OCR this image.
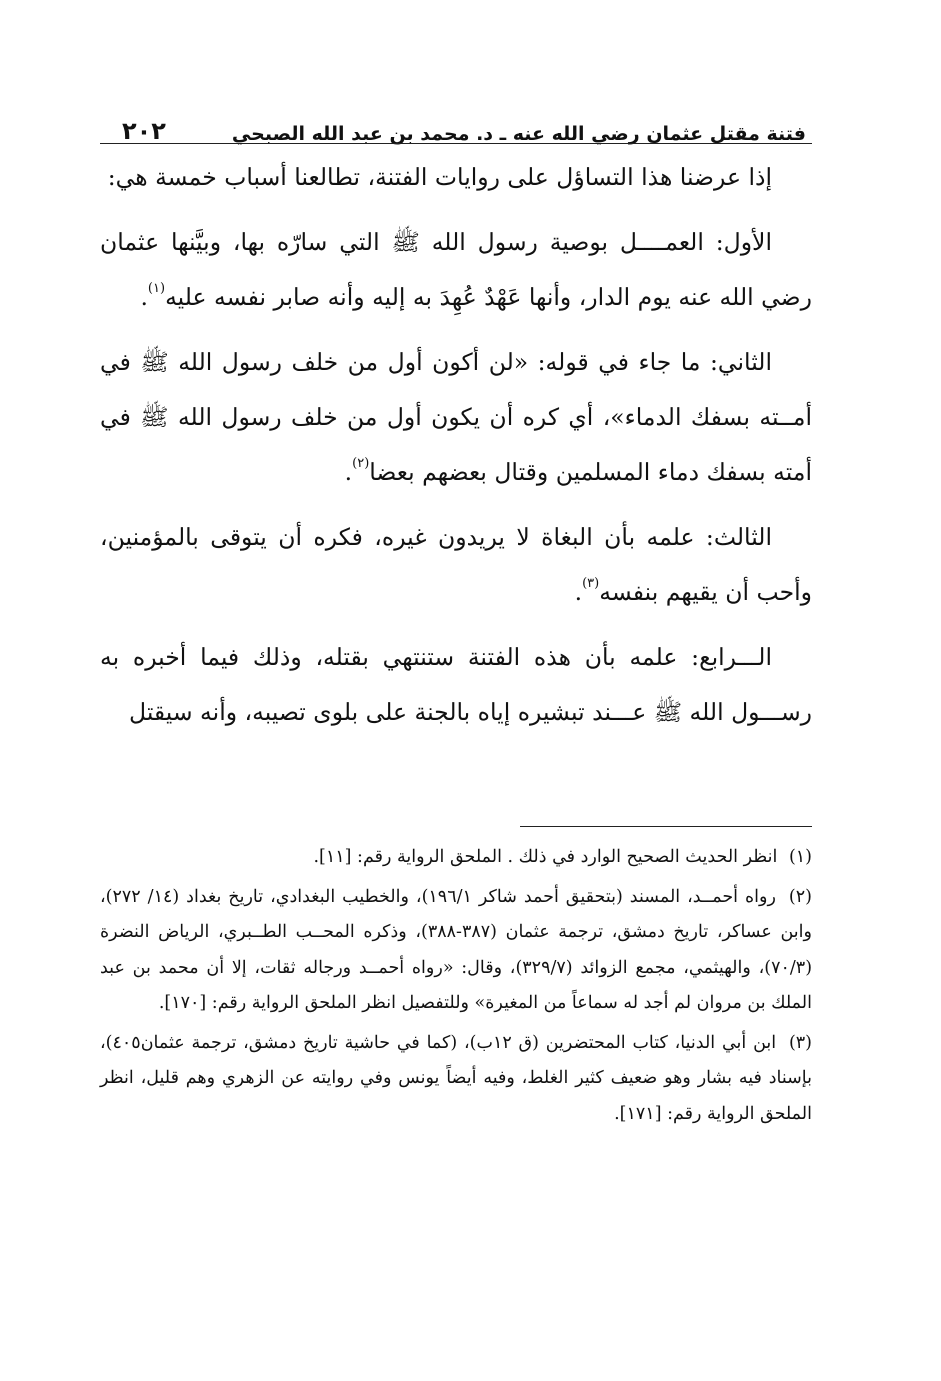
فتنة مقتل عثمان رضي الله عنه ـ د. محمد بن عبد الله الصبحي
٢٠٢

إذا عرضنا هذا التساؤل على روايات الفتنة، تطالعنا أسباب خمسة هي:

الأول: العمــــل بوصية رسول الله ﷺ التي سارّه بها، وبيَّنها عثمان رضي الله عنه يوم الدار، وأنها عَهْدٌ عُهِدَ به إليه وأنه صابر نفسه عليه$^{(١)}$.

الثاني: ما جاء في قوله: «لن أكون أول من خلف رسول الله ﷺ في أمــته بسفك الدماء»، أي كره أن يكون أول من خلف رسول الله ﷺ في أمته بسفك دماء المسلمين وقتال بعضهم بعضا$^{(٢)}$.

الثالث: علمه بأن البغاة لا يريدون غيره، فكره أن يتوقى بالمؤمنين، وأحب أن يقيهم بنفسه$^{(٣)}$.

الـــرابع: علمه بأن هذه الفتنة ستنتهي بقتله، وذلك فيما أخبره به رســـول الله ﷺ عـــند تبشيره إياه بالجنة على بلوى تصيبه، وأنه سيقتل

(١) انظر الحديث الصحيح الوارد في ذلك . الملحق الرواية رقم: [١١].

(٢) رواه أحمــد، المسند (بتحقيق أحمد شاكر ١٩٦/١)، والخطيب البغدادي، تاريخ بغداد (١٤/ ٢٧٢)، وابن عساكر، تاريخ دمشق، ترجمة عثمان (٣٨٧-٣٨٨)، وذكره المحــب الطــبري، الرياض النضرة (٧٠/٣)، والهيثمي، مجمع الزوائد (٣٢٩/٧)، وقال: «رواه أحمــد ورجاله ثقات، إلا أن محمد بن عبد الملك بن مروان لم أجد له سماعاً من المغيرة» وللتفصيل انظر الملحق الرواية رقم: [١٧٠].

(٣) ابن أبي الدنيا، كتاب المحتضرين (ق ١٢ب)، (كما في حاشية تاريخ دمشق، ترجمة عثمان٤٠٥)، بإسناد فيه بشار وهو ضعيف كثير الغلط، وفيه أيضاً يونس وفي روايته عن الزهري وهم قليل، انظر الملحق الرواية رقم: [١٧١].
